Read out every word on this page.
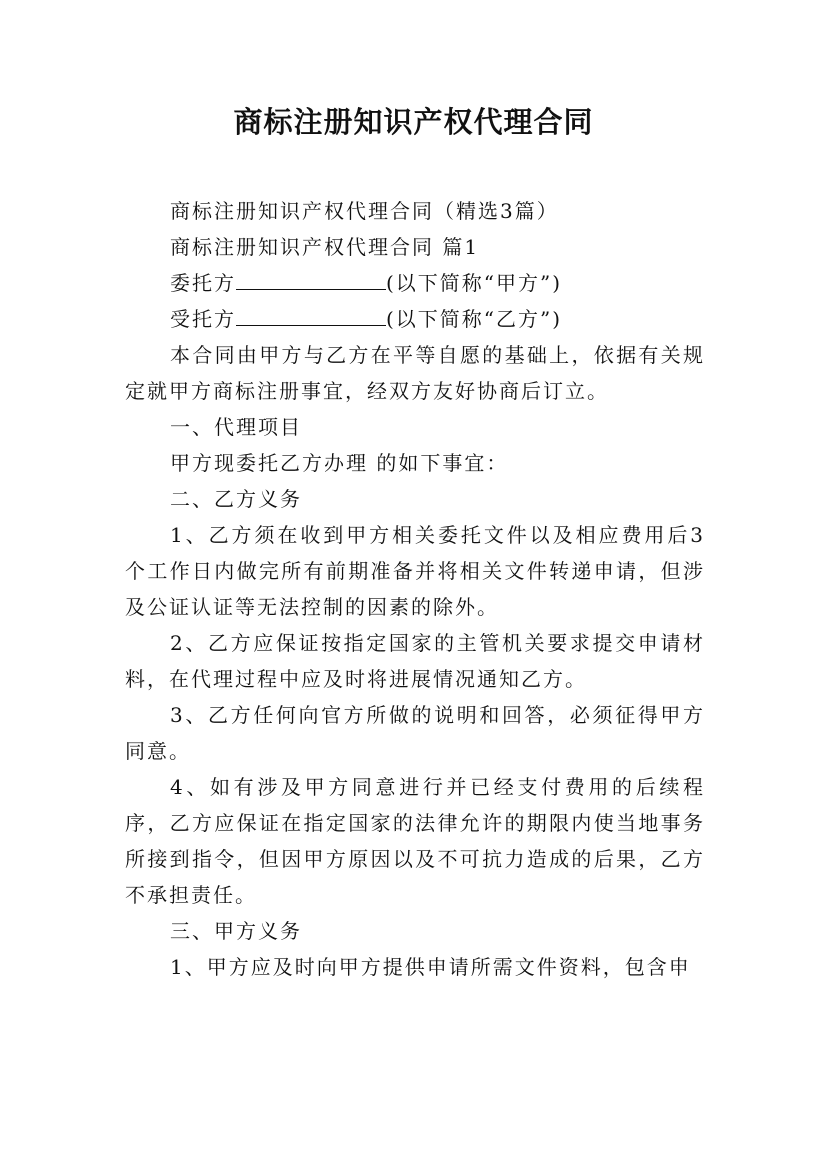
商标注册知识产权代理合同

商标注册知识产权代理合同（精选3篇）

商标注册知识产权代理合同 篇1

委托方	(以下简称“甲方”)

受托方	(以下简称“乙方”)

本合同由甲方与乙方在平等自愿的基础上，依据有关规定就甲方商标注册事宜，经双方友好协商后订立。

一、代理项目

甲方现委托乙方办理 的如下事宜：

二、乙方义务

1、乙方须在收到甲方相关委托文件以及相应费用后3个工作日内做完所有前期准备并将相关文件转递申请，但涉及公证认证等无法控制的因素的除外。

2、乙方应保证按指定国家的主管机关要求提交申请材料，在代理过程中应及时将进展情况通知乙方。

3、乙方任何向官方所做的说明和回答，必须征得甲方同意。

4、如有涉及甲方同意进行并已经支付费用的后续程序，乙方应保证在指定国家的法律允许的期限内使当地事务所接到指令，但因甲方原因以及不可抗力造成的后果，乙方不承担责任。

三、甲方义务

1、甲方应及时向甲方提供申请所需文件资料，包含申
